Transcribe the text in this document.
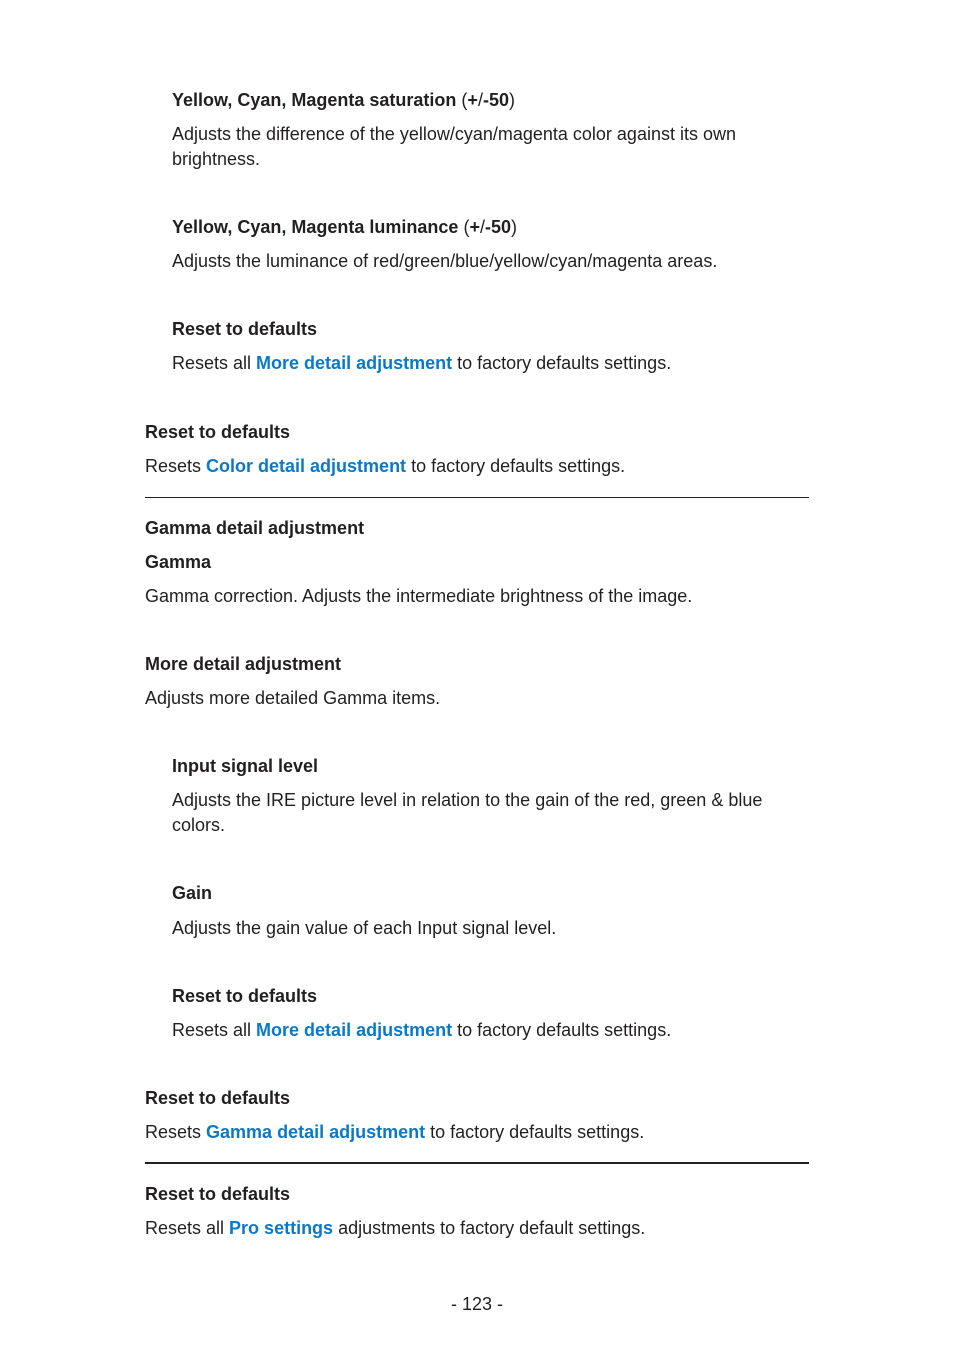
Yellow, Cyan, Magenta saturation (+/-50)

Adjusts the difference of the yellow/cyan/magenta color against its own

brightness.

Yellow, Cyan, Magenta luminance (+/-50)

Adjusts the luminance of red/green/blue/yellow/cyan/magenta areas.

Reset to defaults

Resets all More detail adjustment to factory defaults settings.

Reset to defaults

Resets Color detail adjustment to factory defaults settings.

Gamma detail adjustment

Gamma

Gamma correction. Adjusts the intermediate brightness of the image.

More detail adjustment

Adjusts more detailed Gamma items.

Input signal level

Adjusts the IRE picture level in relation to the gain of the red, green & blue

colors.

Gain

Adjusts the gain value of each Input signal level.

Reset to defaults

Resets all More detail adjustment to factory defaults settings.

Reset to defaults

Resets Gamma detail adjustment to factory defaults settings.

Reset to defaults

Resets all Pro settings adjustments to factory default settings.

- 123 -
